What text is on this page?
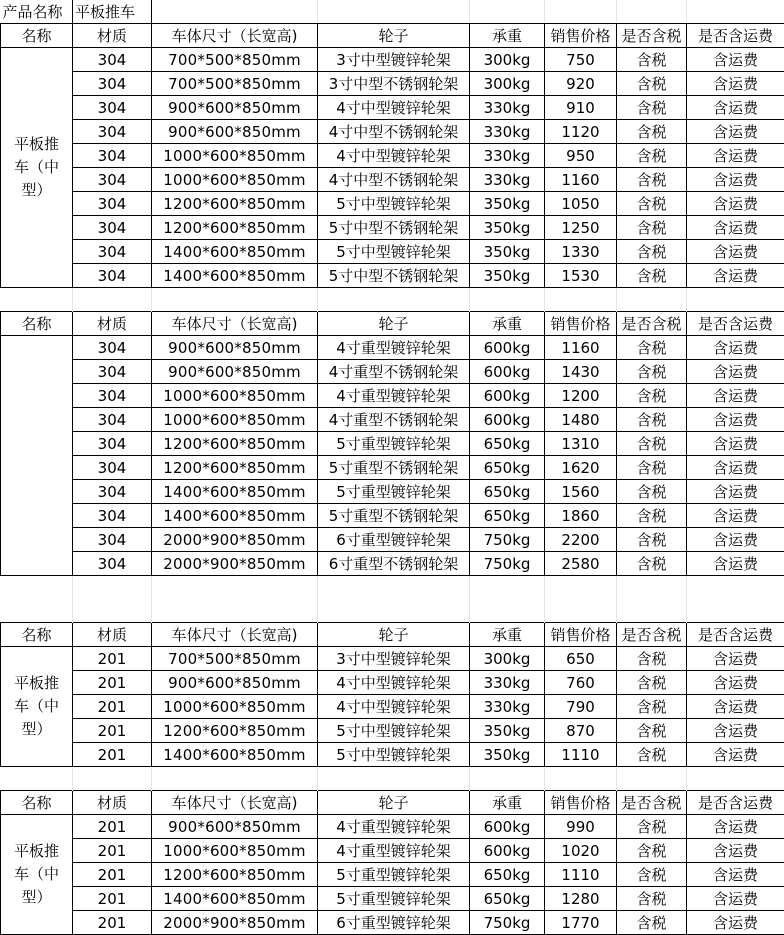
产品名称	平板推车						
名称	材质	车体尺寸（长宽高)	轮子	承重	销售价格	是否含税	是否含运费
平板推车（中型）	304	700*500*850mm	3寸中型镀锌轮架	300kg	750	含税	含运费
	304	700*500*850mm	3寸中型不锈钢轮架	300kg	920	含税	含运费
	304	900*600*850mm	4寸中型镀锌轮架	330kg	910	含税	含运费
	304	900*600*850mm	4寸中型不锈钢轮架	330kg	1120	含税	含运费
	304	1000*600*850mm	4寸中型镀锌轮架	330kg	950	含税	含运费
	304	1000*600*850mm	4寸中型不锈钢轮架	330kg	1160	含税	含运费
	304	1200*600*850mm	5寸中型镀锌轮架	350kg	1050	含税	含运费
	304	1200*600*850mm	5寸中型不锈钢轮架	350kg	1250	含税	含运费
	304	1400*600*850mm	5寸中型镀锌轮架	350kg	1330	含税	含运费
	304	1400*600*850mm	5寸中型不锈钢轮架	350kg	1530	含税	含运费

名称	材质	车体尺寸（长宽高)	轮子	承重	销售价格	是否含税	是否含运费
	304	900*600*850mm	4寸重型镀锌轮架	600kg	1160	含税	含运费
	304	900*600*850mm	4寸重型不锈钢轮架	600kg	1430	含税	含运费
	304	1000*600*850mm	4寸重型镀锌轮架	600kg	1200	含税	含运费
	304	1000*600*850mm	4寸重型不锈钢轮架	600kg	1480	含税	含运费
	304	1200*600*850mm	5寸重型镀锌轮架	650kg	1310	含税	含运费
	304	1200*600*850mm	5寸重型不锈钢轮架	650kg	1620	含税	含运费
	304	1400*600*850mm	5寸重型镀锌轮架	650kg	1560	含税	含运费
	304	1400*600*850mm	5寸重型不锈钢轮架	650kg	1860	含税	含运费
	304	2000*900*850mm	6寸重型镀锌轮架	750kg	2200	含税	含运费
	304	2000*900*850mm	6寸重型不锈钢轮架	750kg	2580	含税	含运费

名称	材质	车体尺寸（长宽高)	轮子	承重	销售价格	是否含税	是否含运费
平板推车（中型）	201	700*500*850mm	3寸中型镀锌轮架	300kg	650	含税	含运费
	201	900*600*850mm	4寸中型镀锌轮架	330kg	760	含税	含运费
	201	1000*600*850mm	4寸中型镀锌轮架	330kg	790	含税	含运费
	201	1200*600*850mm	5寸中型镀锌轮架	350kg	870	含税	含运费
	201	1400*600*850mm	5寸中型镀锌轮架	350kg	1110	含税	含运费

名称	材质	车体尺寸（长宽高)	轮子	承重	销售价格	是否含税	是否含运费
平板推车（中型）	201	900*600*850mm	4寸重型镀锌轮架	600kg	990	含税	含运费
	201	1000*600*850mm	4寸重型镀锌轮架	600kg	1020	含税	含运费
	201	1200*600*850mm	5寸重型镀锌轮架	650kg	1110	含税	含运费
	201	1400*600*850mm	5寸重型镀锌轮架	650kg	1280	含税	含运费
	201	2000*900*850mm	6寸重型镀锌轮架	750kg	1770	含税	含运费
